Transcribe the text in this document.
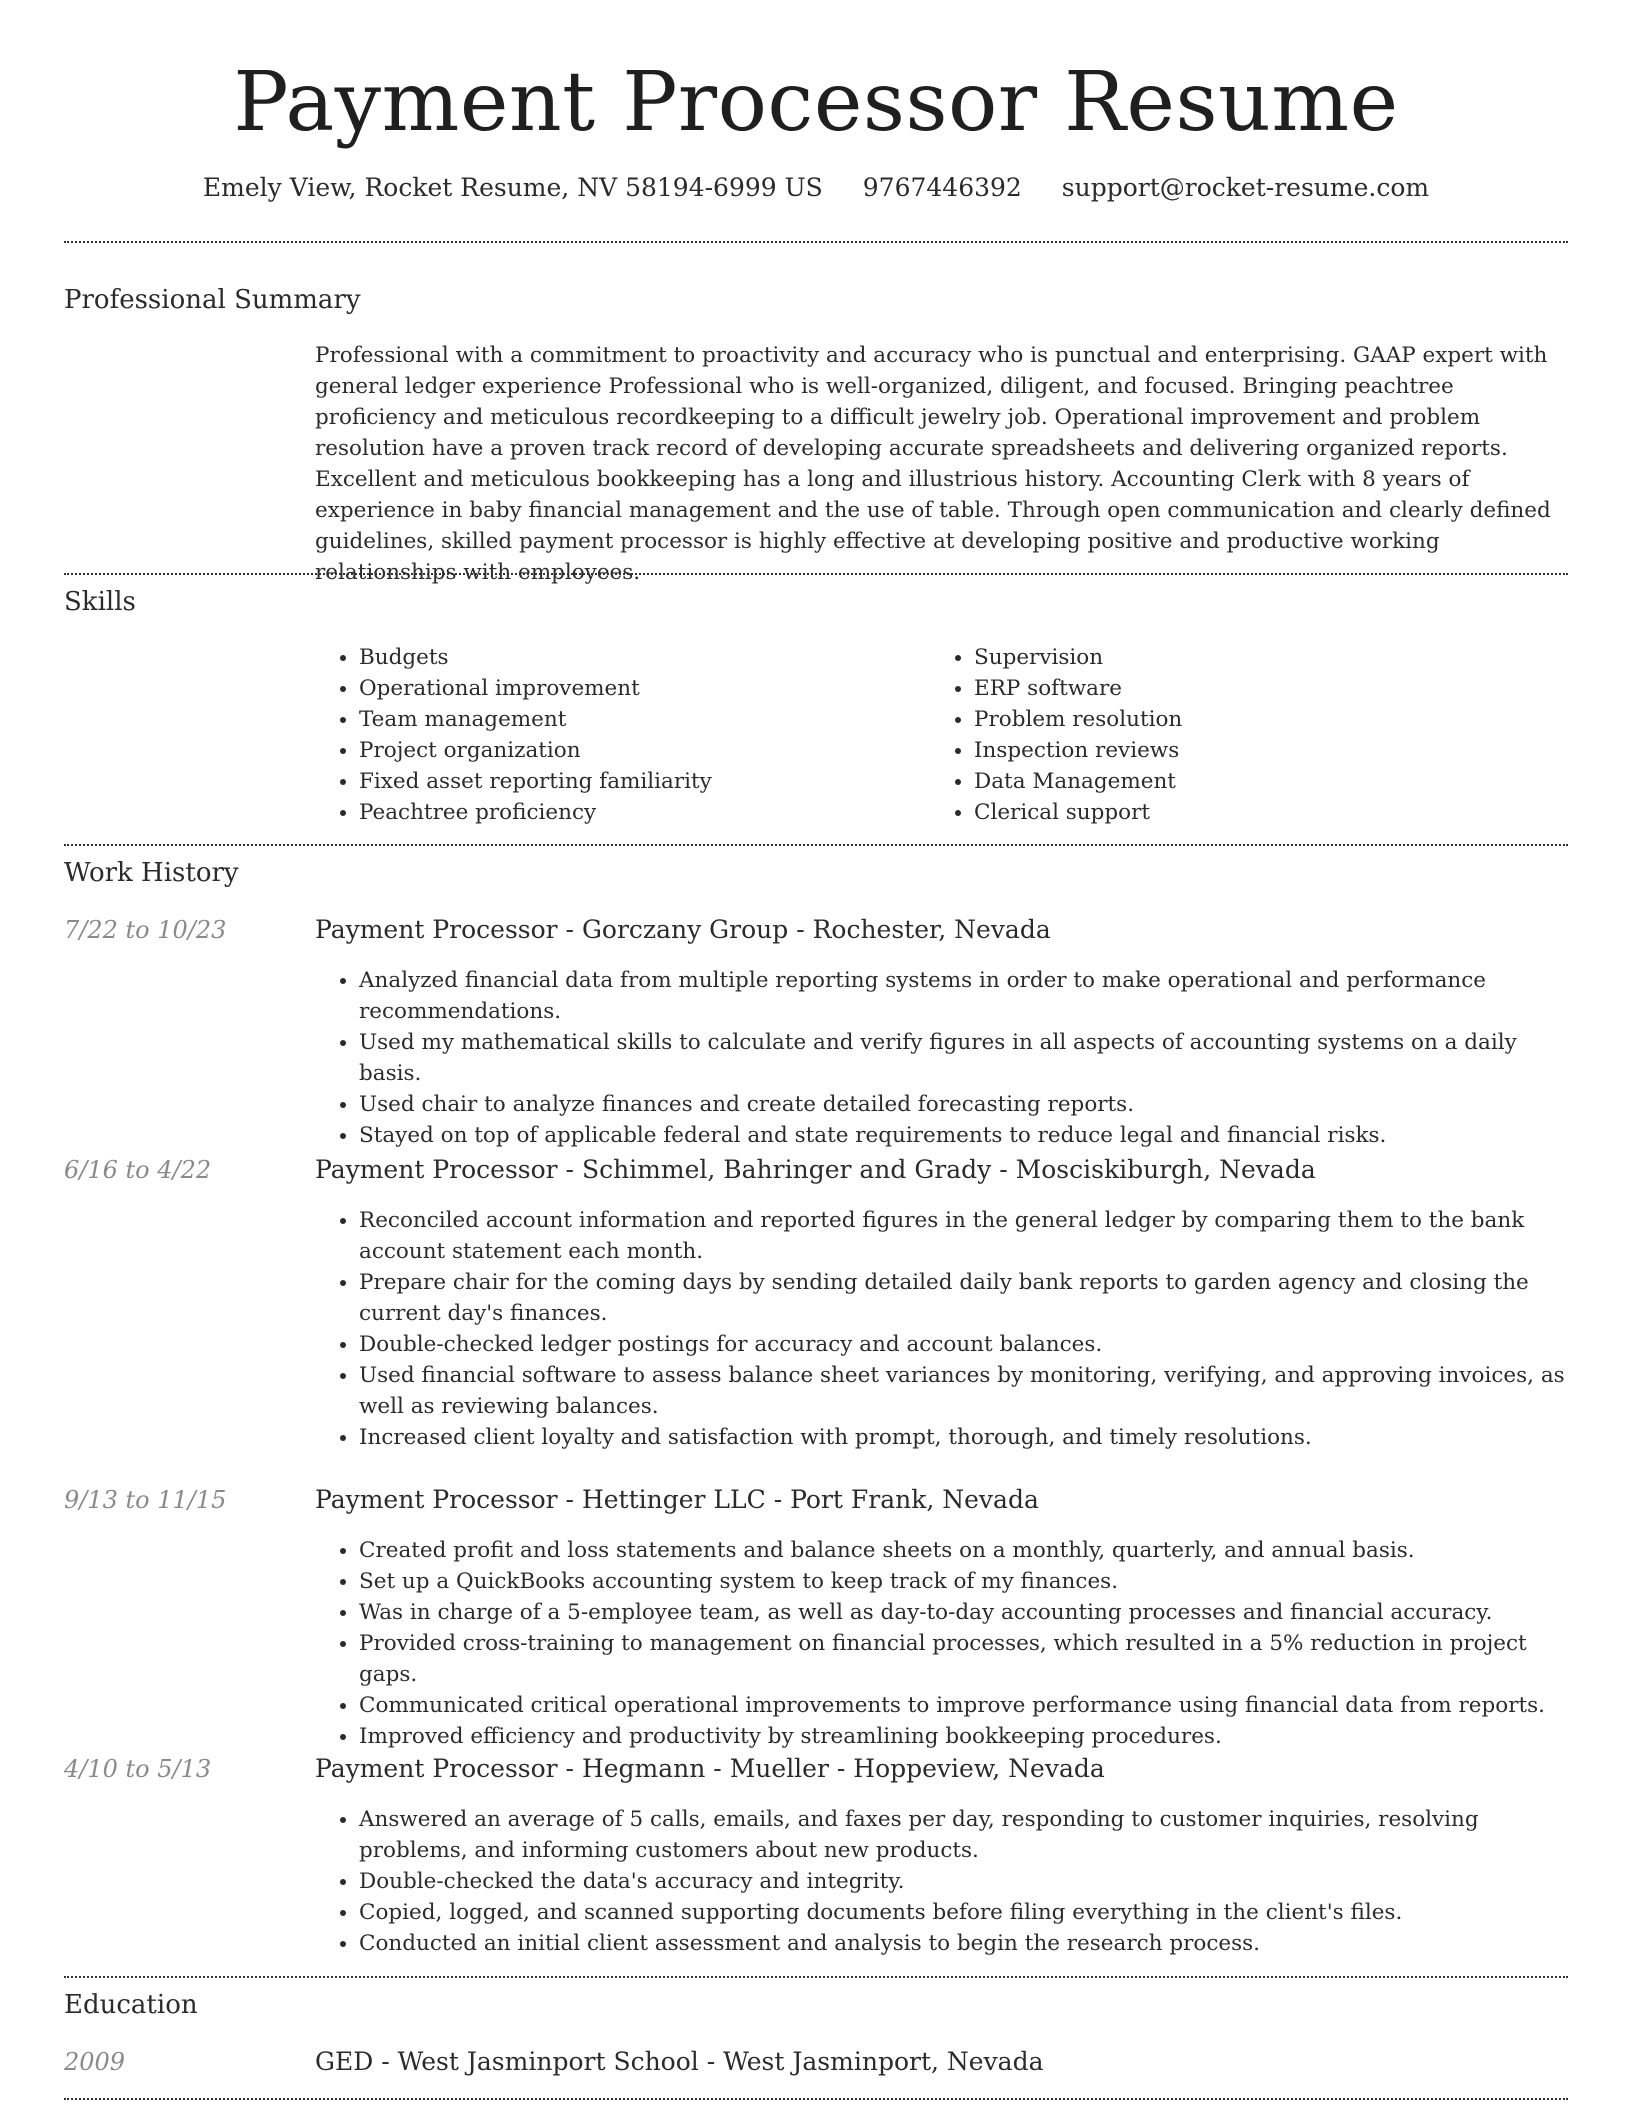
Payment Processor Resume
Emely View, Rocket Resume, NV 58194-6999 US 9767446392 support@rocket-resume.com
Professional Summary

Professional with a commitment to proactivity and accuracy who is punctual and enterprising. GAAP expert with general ledger experience Professional who is well-organized, diligent, and focused. Bringing peachtree proficiency and meticulous recordkeeping to a difficult jewelry job. Operational improvement and problem resolution have a proven track record of developing accurate spreadsheets and delivering organized reports. Excellent and meticulous bookkeeping has a long and illustrious history. Accounting Clerk with 8 years of experience in baby financial management and the use of table. Through open communication and clearly defined guidelines, skilled payment processor is highly effective at developing positive and productive working relationships with employees.

Skills
• Budgets
• Operational improvement
• Team management
• Project organization
• Fixed asset reporting familiarity
• Peachtree proficiency
• Supervision
• ERP software
• Problem resolution
• Inspection reviews
• Data Management
• Clerical support
Work History
7/22 to 10/23	Payment Processor - Gorczany Group - Rochester, Nevada
• Analyzed financial data from multiple reporting systems in order to make operational and performance recommendations.
• Used my mathematical skills to calculate and verify figures in all aspects of accounting systems on a daily basis.
• Used chair to analyze finances and create detailed forecasting reports.
• Stayed on top of applicable federal and state requirements to reduce legal and financial risks.
6/16 to 4/22	Payment Processor - Schimmel, Bahringer and Grady - Mosciskiburgh, Nevada
• Reconciled account information and reported figures in the general ledger by comparing them to the bank account statement each month.
• Prepare chair for the coming days by sending detailed daily bank reports to garden agency and closing the current day's finances.
• Double-checked ledger postings for accuracy and account balances.
• Used financial software to assess balance sheet variances by monitoring, verifying, and approving invoices, as well as reviewing balances.
• Increased client loyalty and satisfaction with prompt, thorough, and timely resolutions.
9/13 to 11/15	Payment Processor - Hettinger LLC - Port Frank, Nevada
• Created profit and loss statements and balance sheets on a monthly, quarterly, and annual basis.
• Set up a QuickBooks accounting system to keep track of my finances.
• Was in charge of a 5-employee team, as well as day-to-day accounting processes and financial accuracy.
• Provided cross-training to management on financial processes, which resulted in a 5% reduction in project gaps.
• Communicated critical operational improvements to improve performance using financial data from reports.
• Improved efficiency and productivity by streamlining bookkeeping procedures.
4/10 to 5/13	Payment Processor - Hegmann - Mueller - Hoppeview, Nevada
• Answered an average of 5 calls, emails, and faxes per day, responding to customer inquiries, resolving problems, and informing customers about new products.
• Double-checked the data's accuracy and integrity.
• Copied, logged, and scanned supporting documents before filing everything in the client's files.
• Conducted an initial client assessment and analysis to begin the research process.
Education
2009	GED - West Jasminport School - West Jasminport, Nevada
